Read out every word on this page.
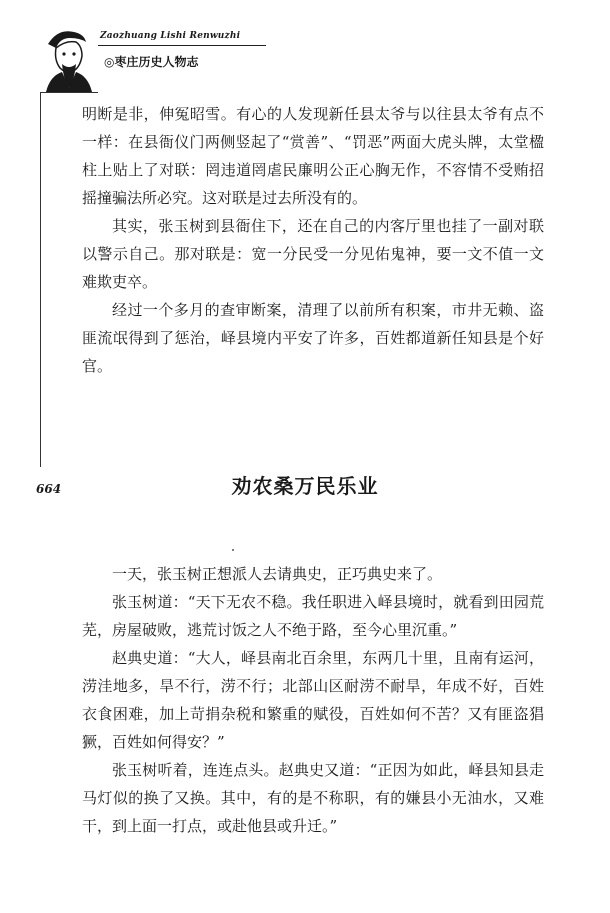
Zaozhuang Lishi Renwuzhi
◎枣庄历史人物志

明断是非，伸冤昭雪。有心的人发现新任县太爷与以往县太爷有点不一样：在县衙仪门两侧竖起了“赏善”、“罚恶”两面大虎头牌，太堂楹柱上贴上了对联：罔违道罔虐民廉明公正心胸无作，不容情不受贿招摇撞骗法所必究。这对联是过去所没有的。

其实，张玉树到县衙住下，还在自己的内客厅里也挂了一副对联以警示自己。那对联是：宽一分民受一分见佑鬼神，要一文不值一文难欺吏卒。

经过一个多月的查审断案，清理了以前所有积案，市井无赖、盗匪流氓得到了惩治，峄县境内平安了许多，百姓都道新任知县是个好官。

664	劝农桑万民乐业

一天，张玉树正想派人去请典史，正巧典史来了。

张玉树道：“天下无农不稳。我任职进入峄县境时，就看到田园荒芜，房屋破败，逃荒讨饭之人不绝于路，至今心里沉重。”

赵典史道：“大人，峄县南北百余里，东两几十里，且南有运河，涝洼地多，旱不行，涝不行；北部山区耐涝不耐旱，年成不好，百姓衣食困难，加上苛捐杂税和繁重的赋役，百姓如何不苦？又有匪盗猖獗，百姓如何得安？”

张玉树听着，连连点头。赵典史又道：“正因为如此，峄县知县走马灯似的换了又换。其中，有的是不称职，有的嫌县小无油水，又难干，到上面一打点，或赴他县或升迁。”
